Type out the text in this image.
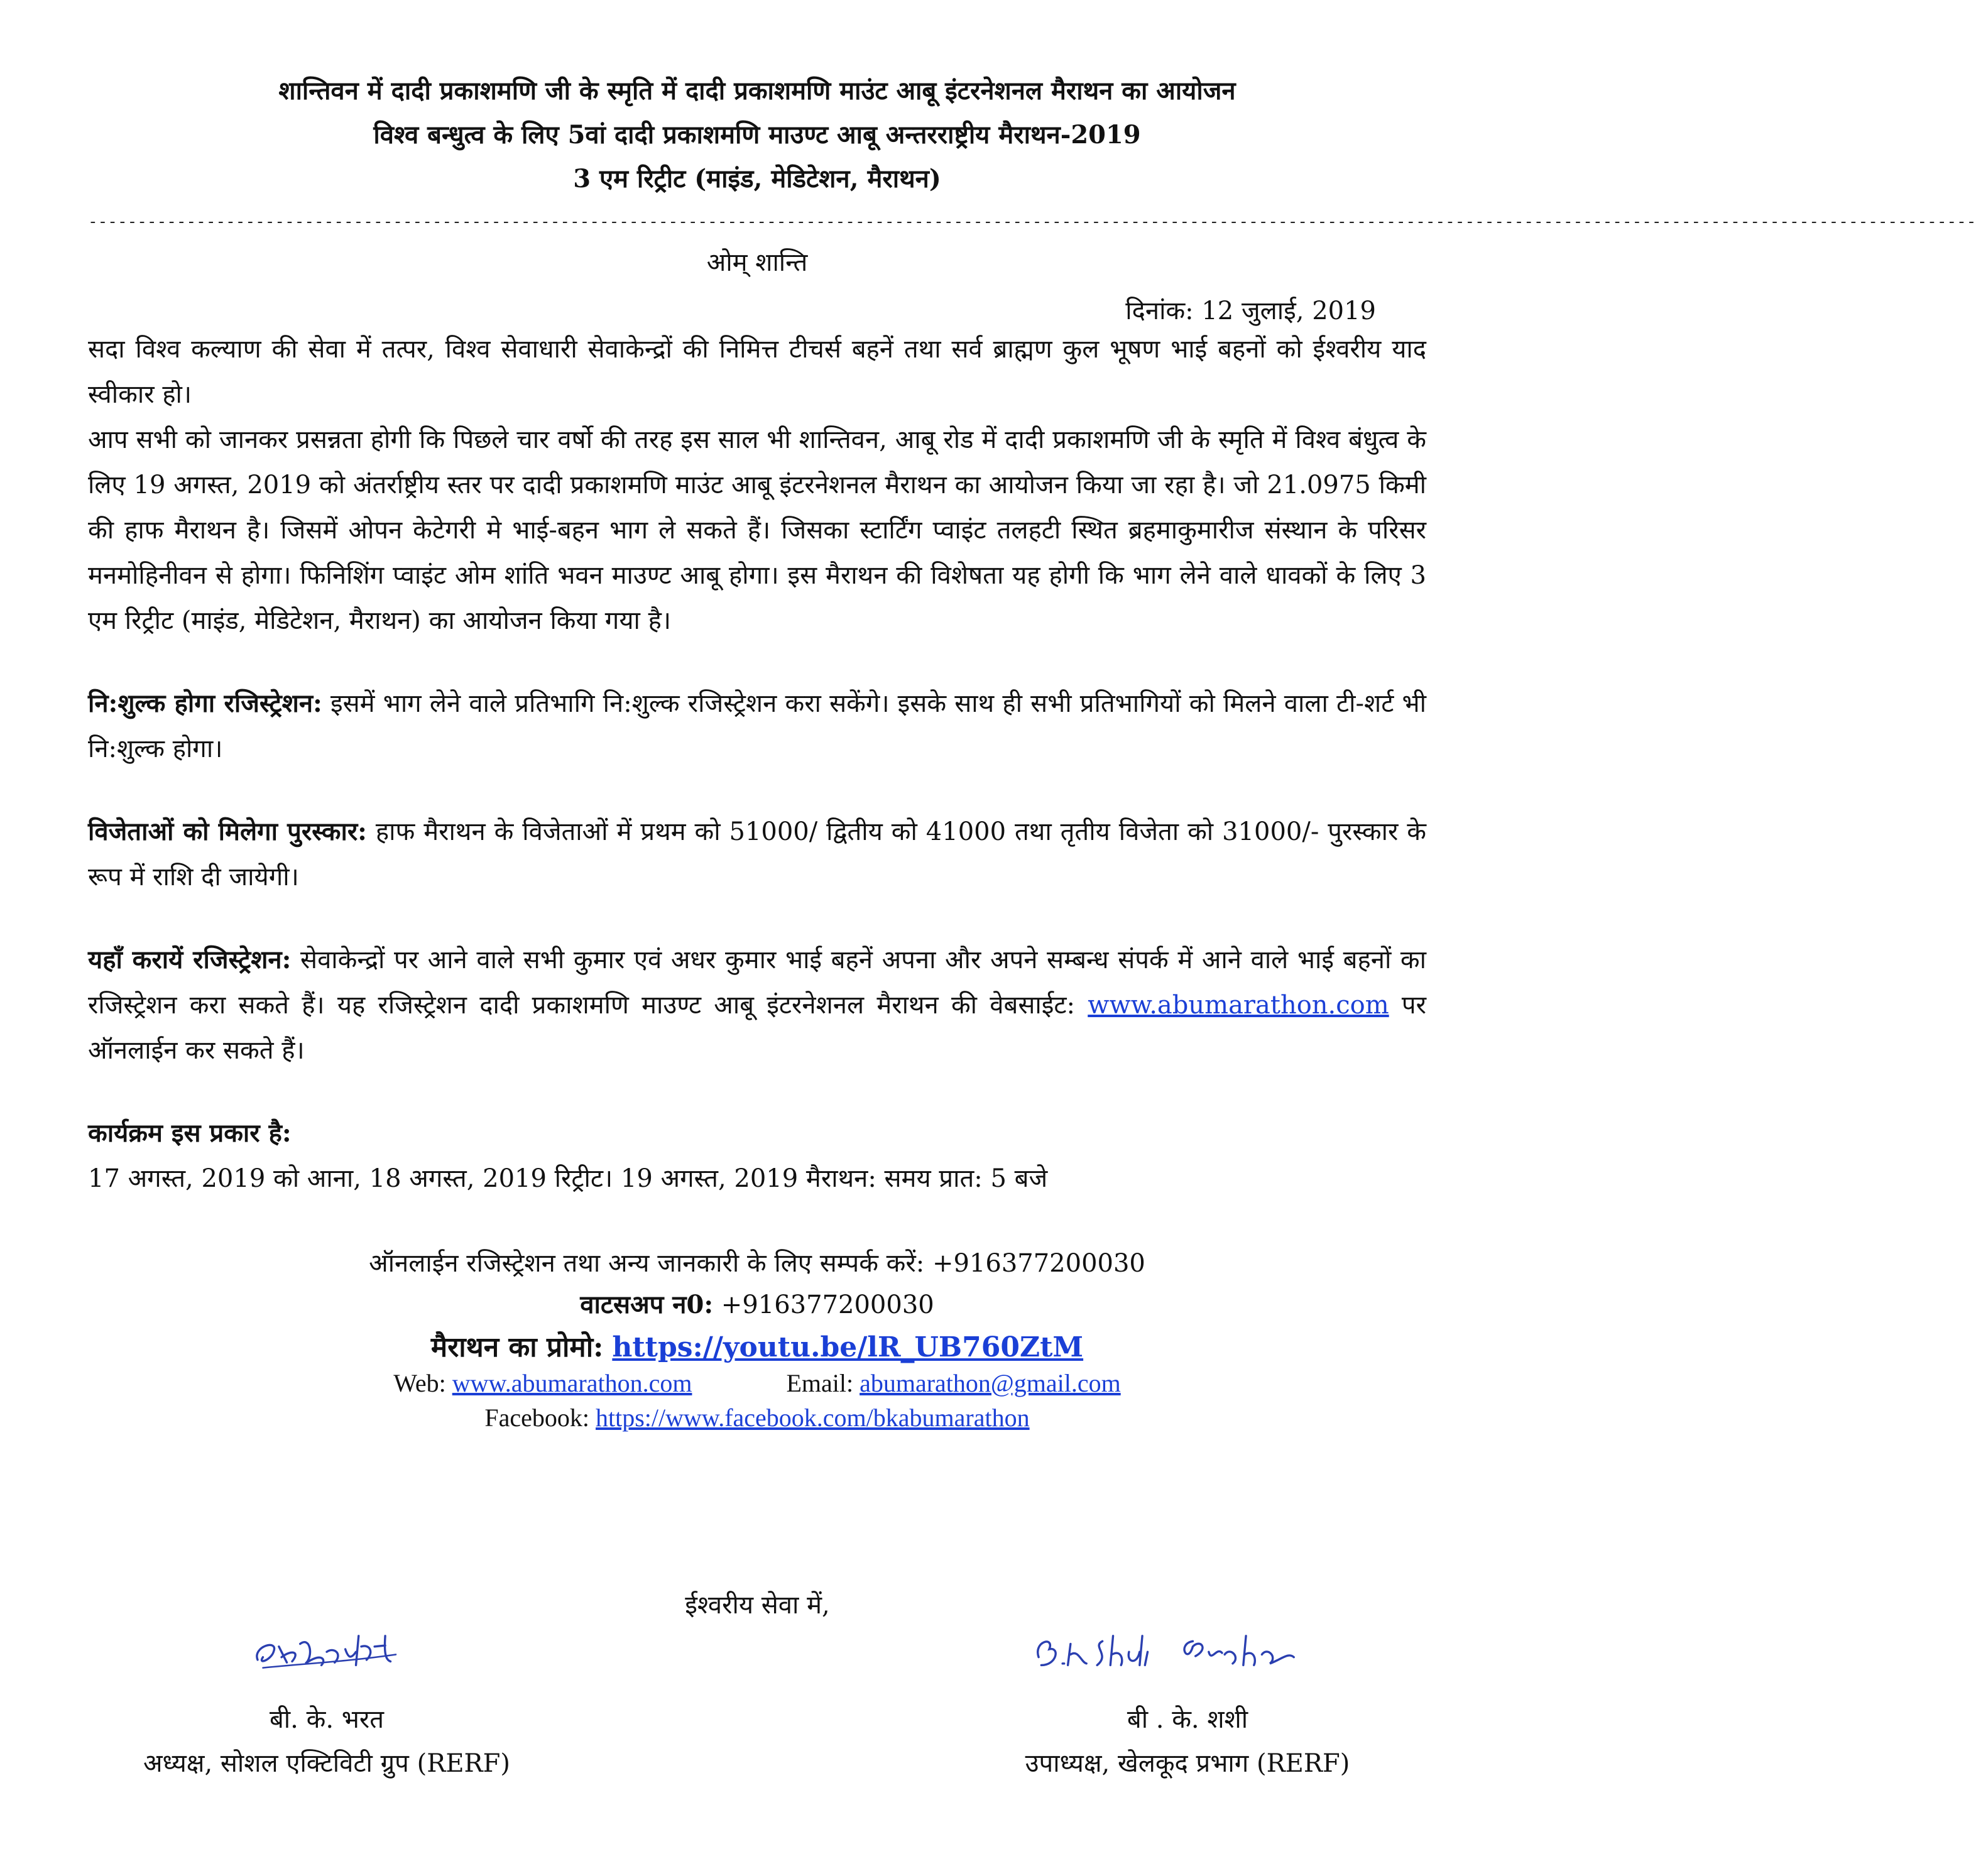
शान्तिवन में दादी प्रकाशमणि जी के स्मृति में दादी प्रकाशमणि माउंट आबू इंटरनेशनल मैराथन का आयोजन
विश्व बन्धुत्व के लिए 5वां दादी प्रकाशमणि माउण्ट आबू अन्तरराष्ट्रीय मैराथन-2019
3 एम रिट्रीट (माइंड, मेडिटेशन, मैराथन)
------------------------------------------------------------------------------------------------------------------------------------------------------------------------------------------------
ओम् शान्ति
दिनांक: 12 जुलाई, 2019

सदा विश्व कल्याण की सेवा में तत्पर, विश्व सेवाधारी सेवाकेन्द्रों की निमित्त टीचर्स बहनें तथा सर्व ब्राह्मण कुल भूषण भाई बहनों को ईश्वरीय याद स्वीकार हो।

आप सभी को जानकर प्रसन्नता होगी कि पिछले चार वर्षो की तरह इस साल भी शान्तिवन, आबू रोड में दादी प्रकाशमणि जी के स्मृति में विश्व बंधुत्व के लिए 19 अगस्त, 2019 को अंतर्राष्ट्रीय स्तर पर दादी प्रकाशमणि माउंट आबू इंटरनेशनल मैराथन का आयोजन किया जा रहा है। जो 21.0975 किमी की हाफ मैराथन है। जिसमें ओपन केटेगरी मे भाई-बहन भाग ले सकते हैं। जिसका स्टार्टिंग प्वाइंट तलहटी स्थित ब्रहमाकुमारीज संस्थान के परिसर मनमोहिनीवन से होगा। फिनिशिंग प्वाइंट ओम शांति भवन माउण्ट आबू होगा। इस मैराथन की विशेषता यह होगी कि भाग लेने वाले धावकों के लिए 3 एम रिट्रीट (माइंड, मेडिटेशन, मैराथन) का आयोजन किया गया है।

नि:शुल्क होगा रजिस्ट्रेशन: इसमें भाग लेने वाले प्रतिभागि नि:शुल्क रजिस्ट्रेशन करा सकेंगे। इसके साथ ही सभी प्रतिभागियों को मिलने वाला टी-शर्ट भी नि:शुल्क होगा।

विजेताओं को मिलेगा पुरस्कार: हाफ मैराथन के विजेताओं में प्रथम को 51000/ द्वितीय को 41000 तथा तृतीय विजेता को 31000/- पुरस्कार के रूप में राशि दी जायेगी।

यहाँ करायें रजिस्ट्रेशन: सेवाकेन्द्रों पर आने वाले सभी कुमार एवं अधर कुमार भाई बहनें अपना और अपने सम्बन्ध संपर्क में आने वाले भाई बहनों का रजिस्ट्रेशन करा सकते हैं। यह रजिस्ट्रेशन दादी प्रकाशमणि माउण्ट आबू इंटरनेशनल मैराथन की वेबसाईट: www.abumarathon.com पर ऑनलाईन कर सकते हैं।

कार्यक्रम इस प्रकार है:

17 अगस्त, 2019 को आना, 18 अगस्त, 2019 रिट्रीट। 19 अगस्त, 2019 मैराथन: समय प्रात: 5 बजे

ऑनलाईन रजिस्ट्रेशन तथा अन्य जानकारी के लिए सम्पर्क करें: +916377200030
वाटसअप न0: +916377200030
मैराथन का प्रोमो: https://youtu.be/lR_UB760ZtM
Web: www.abumarathon.com	Email: abumarathon@gmail.com
Facebook: https://www.facebook.com/bkabumarathon
ईश्वरीय सेवा में,
बी. के. भरत
अध्यक्ष, सोशल एक्टिविटी ग्रुप (RERF)
बी . के. शशी
उपाध्यक्ष, खेलकूद प्रभाग (RERF)
